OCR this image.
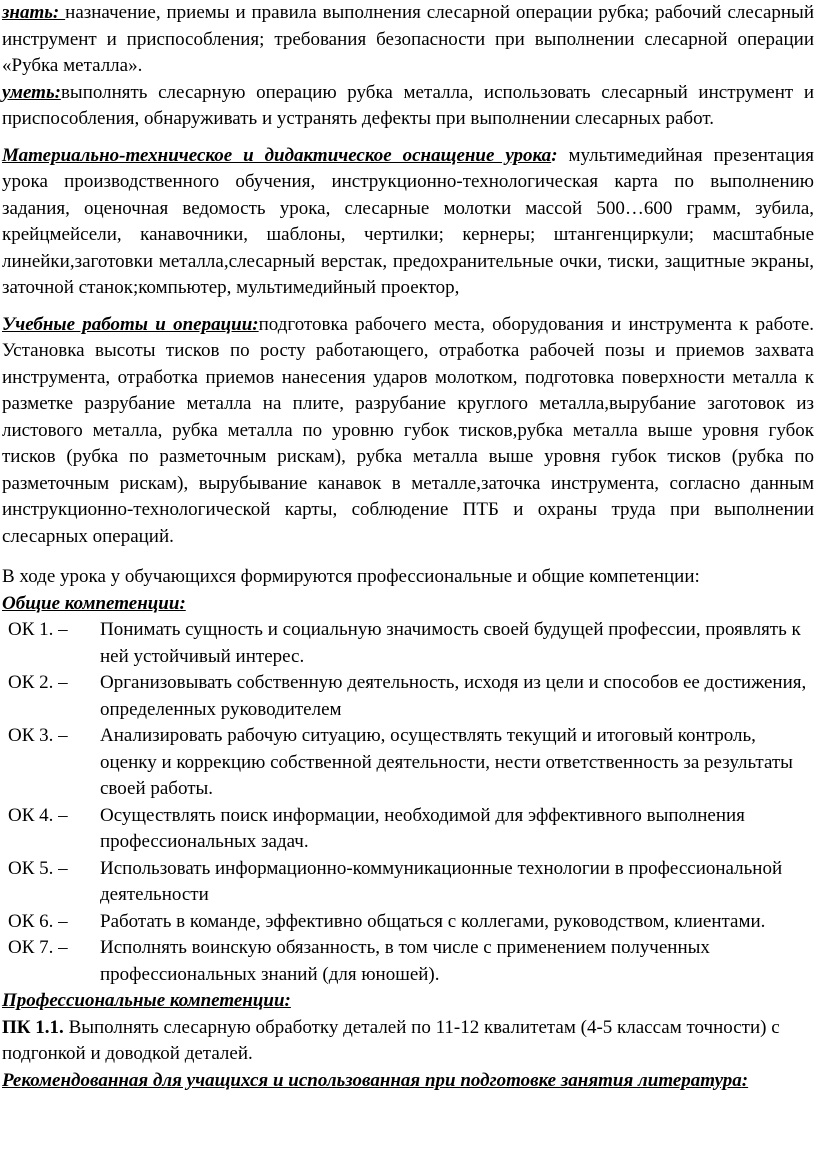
знать: назначение, приемы и правила выполнения слесарной операции рубка; рабочий слесарный инструмент и приспособления; требования безопасности при выполнении слесарной операции «Рубка металла».

уметь:выполнять слесарную операцию рубка металла, использовать слесарный инструмент и приспособления, обнаруживать и устранять дефекты при выполнении слесарных работ.

Материально-техническое и дидактическое оснащение урока: мультимедийная презентация урока производственного обучения, инструкционно-технологическая карта по выполнению задания, оценочная ведомость урока, слесарные молотки массой 500…600 грамм, зубила, крейцмейсели, канавочники, шаблоны, чертилки; кернеры; штангенциркули; масштабные линейки,заготовки металла,слесарный верстак, предохранительные очки, тиски, защитные экраны, заточной станок;компьютер, мультимедийный проектор,

Учебные работы и операции:подготовка рабочего места, оборудования и инструмента к работе. Установка высоты тисков по росту работающего, отработка рабочей позы и приемов захвата инструмента, отработка приемов нанесения ударов молотком, подготовка поверхности металла к разметке разрубание металла на плите, разрубание круглого металла,вырубание заготовок из листового металла, рубка металла по уровню губок тисков,рубка металла выше уровня губок тисков (рубка по разметочным рискам), рубка металла выше уровня губок тисков (рубка по разметочным рискам), вырубывание канавок в металле,заточка инструмента, согласно данным инструкционно-технологической карты, соблюдение ПТБ и охраны труда при выполнении слесарных операций.

В ходе урока у обучающихся формируются профессиональные и общие компетенции:

Общие компетенции:

ОК 1. –	Понимать сущность и социальную значимость своей будущей профессии, проявлять к ней устойчивый интерес.
ОК 2. –	Организовывать собственную деятельность, исходя из цели и способов ее достижения, определенных руководителем
ОК 3. –	Анализировать рабочую ситуацию, осуществлять текущий и итоговый контроль, оценку и коррекцию собственной деятельности, нести ответственность за результаты своей работы.
ОК 4. –	Осуществлять поиск информации, необходимой для эффективного выполнения профессиональных задач.
ОК 5. –	Использовать информационно-коммуникационные технологии в профессиональной деятельности
ОК 6. –	Работать в команде, эффективно общаться с коллегами, руководством, клиентами.
ОК 7. –	Исполнять воинскую обязанность, в том числе с применением полученных профессиональных знаний (для юношей).

Профессиональные компетенции:

ПК 1.1. Выполнять слесарную обработку деталей по 11-12 квалитетам (4-5 классам точности) с подгонкой и доводкой деталей.

Рекомендованная для учащихся и использованная при подготовке занятия литература:
